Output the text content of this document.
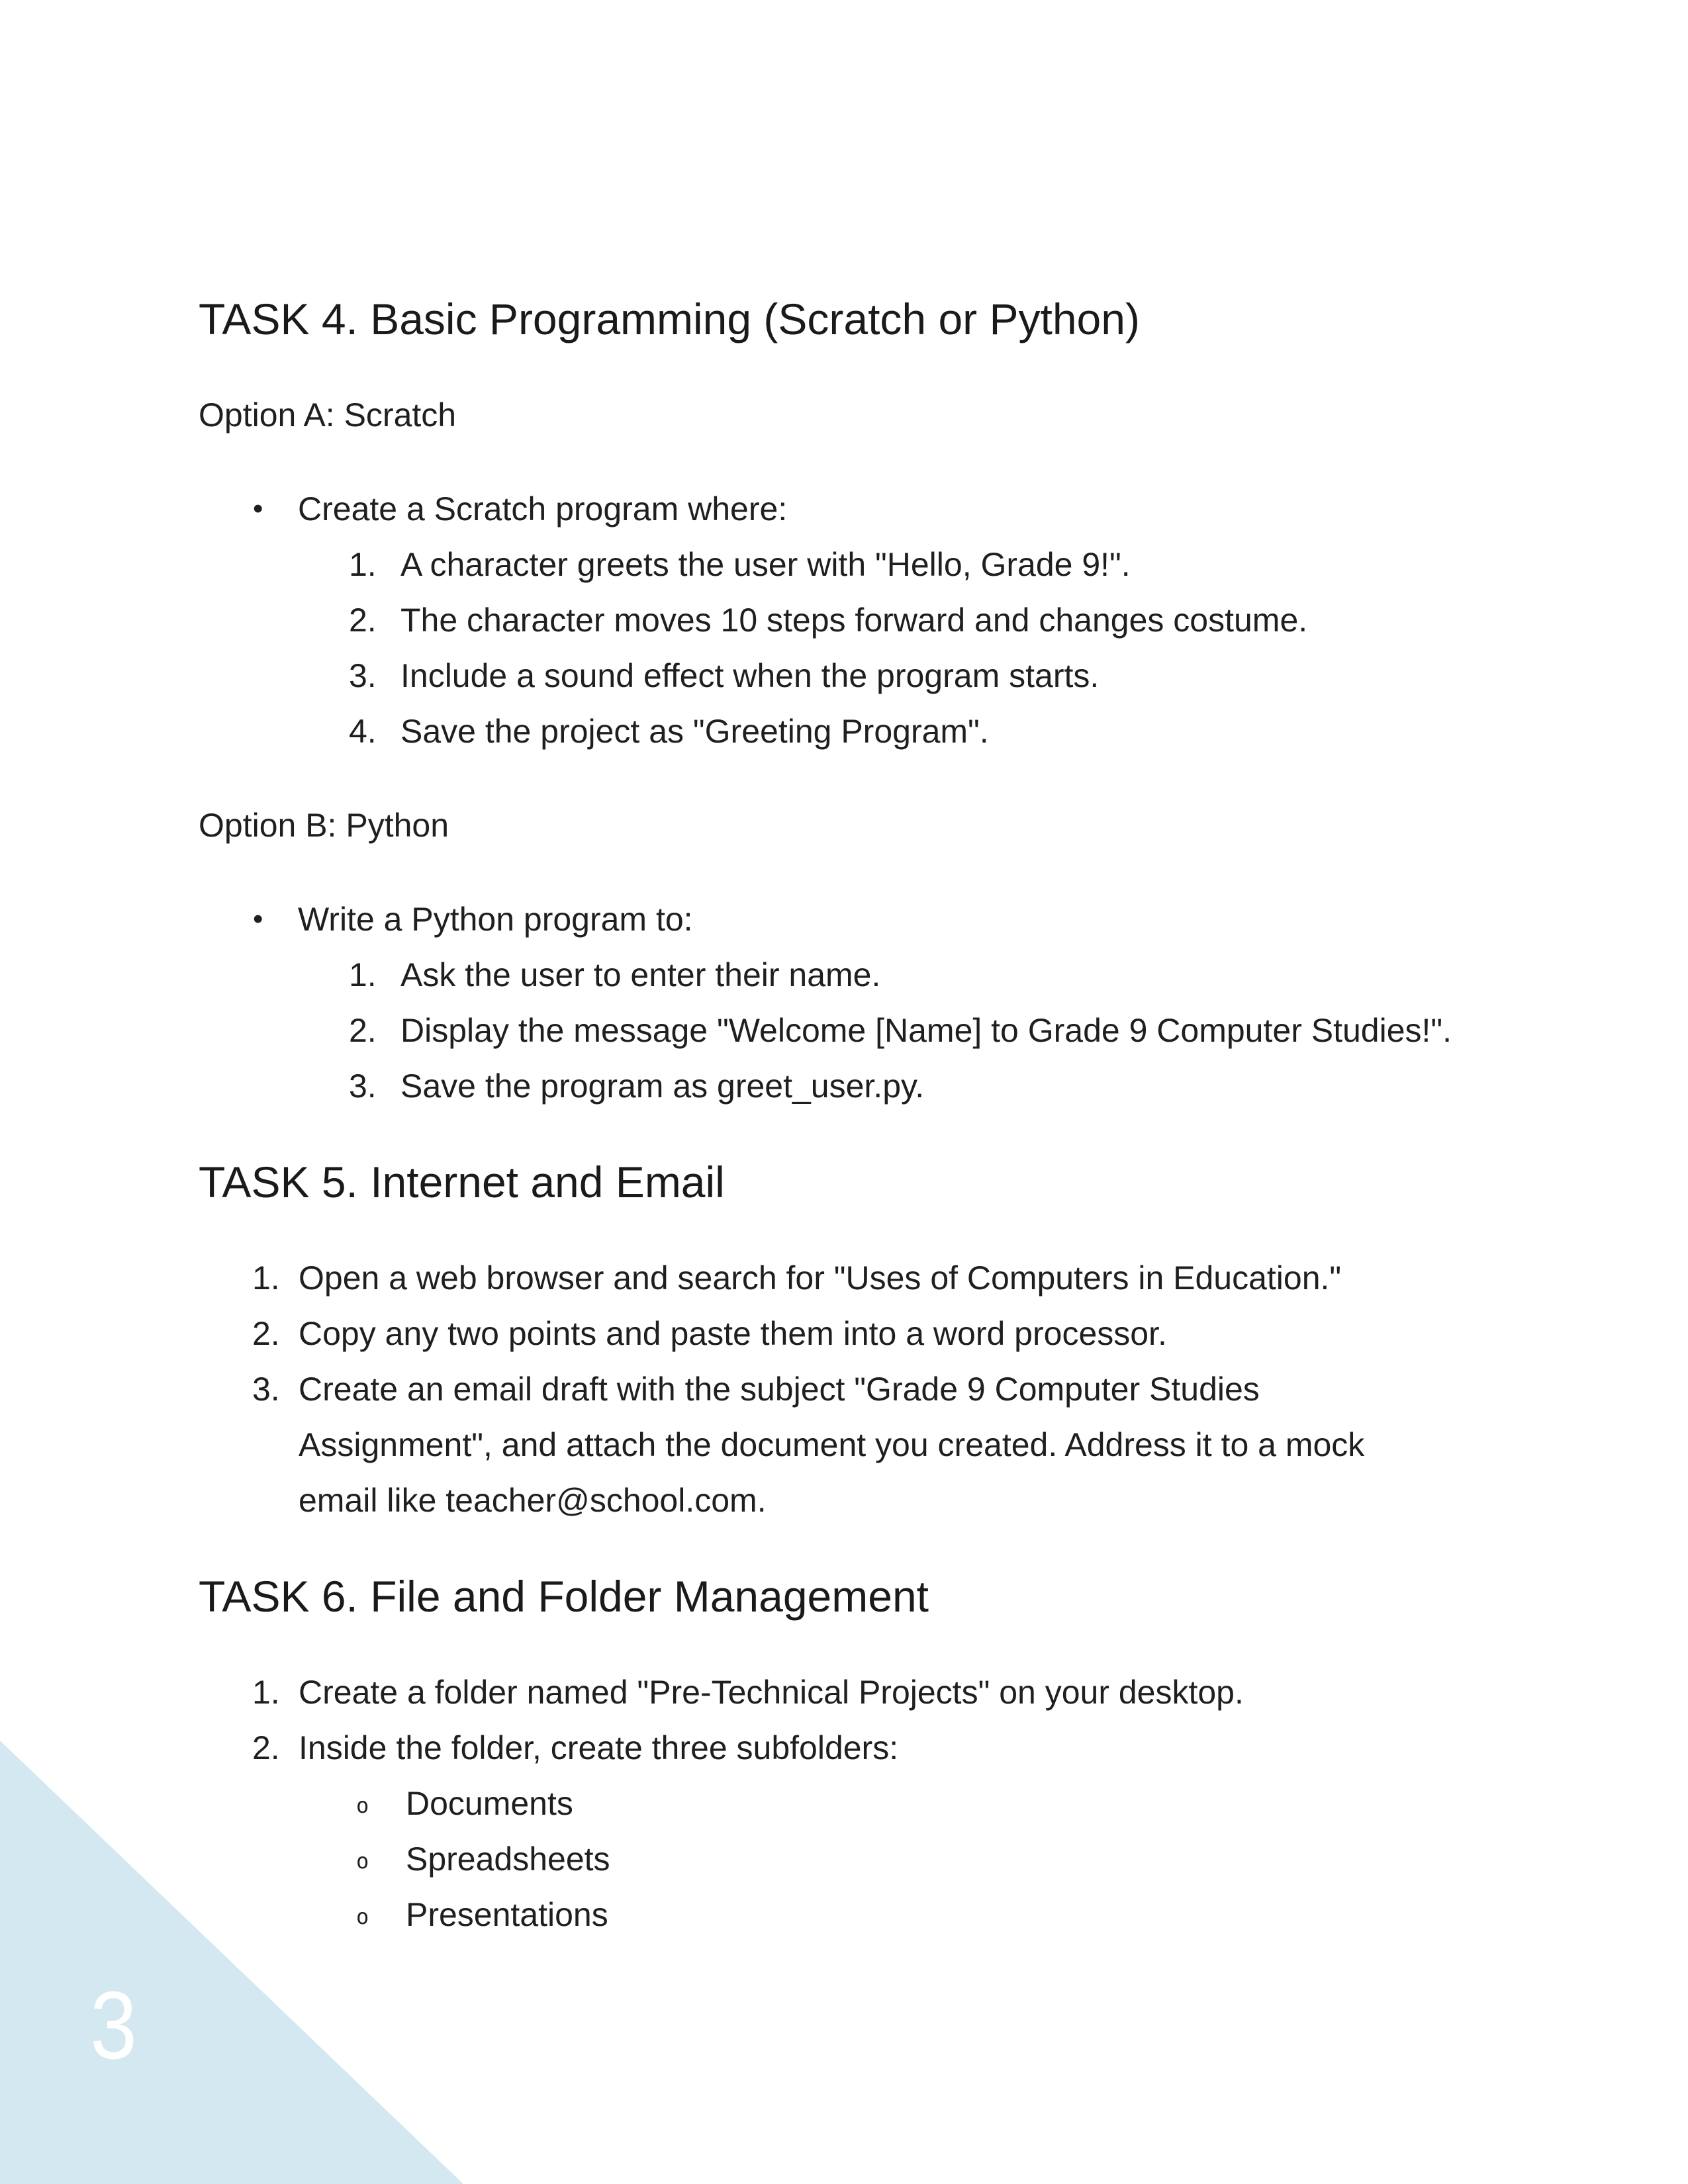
3
TASK 4. Basic Programming (Scratch or Python)

Option A: Scratch

• Create a Scratch program where:
1. A character greets the user with "Hello, Grade 9!".
2. The character moves 10 steps forward and changes costume.
3. Include a sound effect when the program starts.
4. Save the project as "Greeting Program".

Option B: Python

• Write a Python program to:
1. Ask the user to enter their name.
2. Display the message "Welcome [Name] to Grade 9 Computer Studies!".
3. Save the program as greet_user.py.
TASK 5. Internet and Email
1. Open a web browser and search for "Uses of Computers in Education."
2. Copy any two points and paste them into a word processor.
3. Create an email draft with the subject "Grade 9 Computer Studies Assignment", and attach the document you created. Address it to a mock email like teacher@school.com.
TASK 6. File and Folder Management
1. Create a folder named "Pre-Technical Projects" on your desktop.
2. Inside the folder, create three subfolders:
o Documents
o Spreadsheets
o Presentations
